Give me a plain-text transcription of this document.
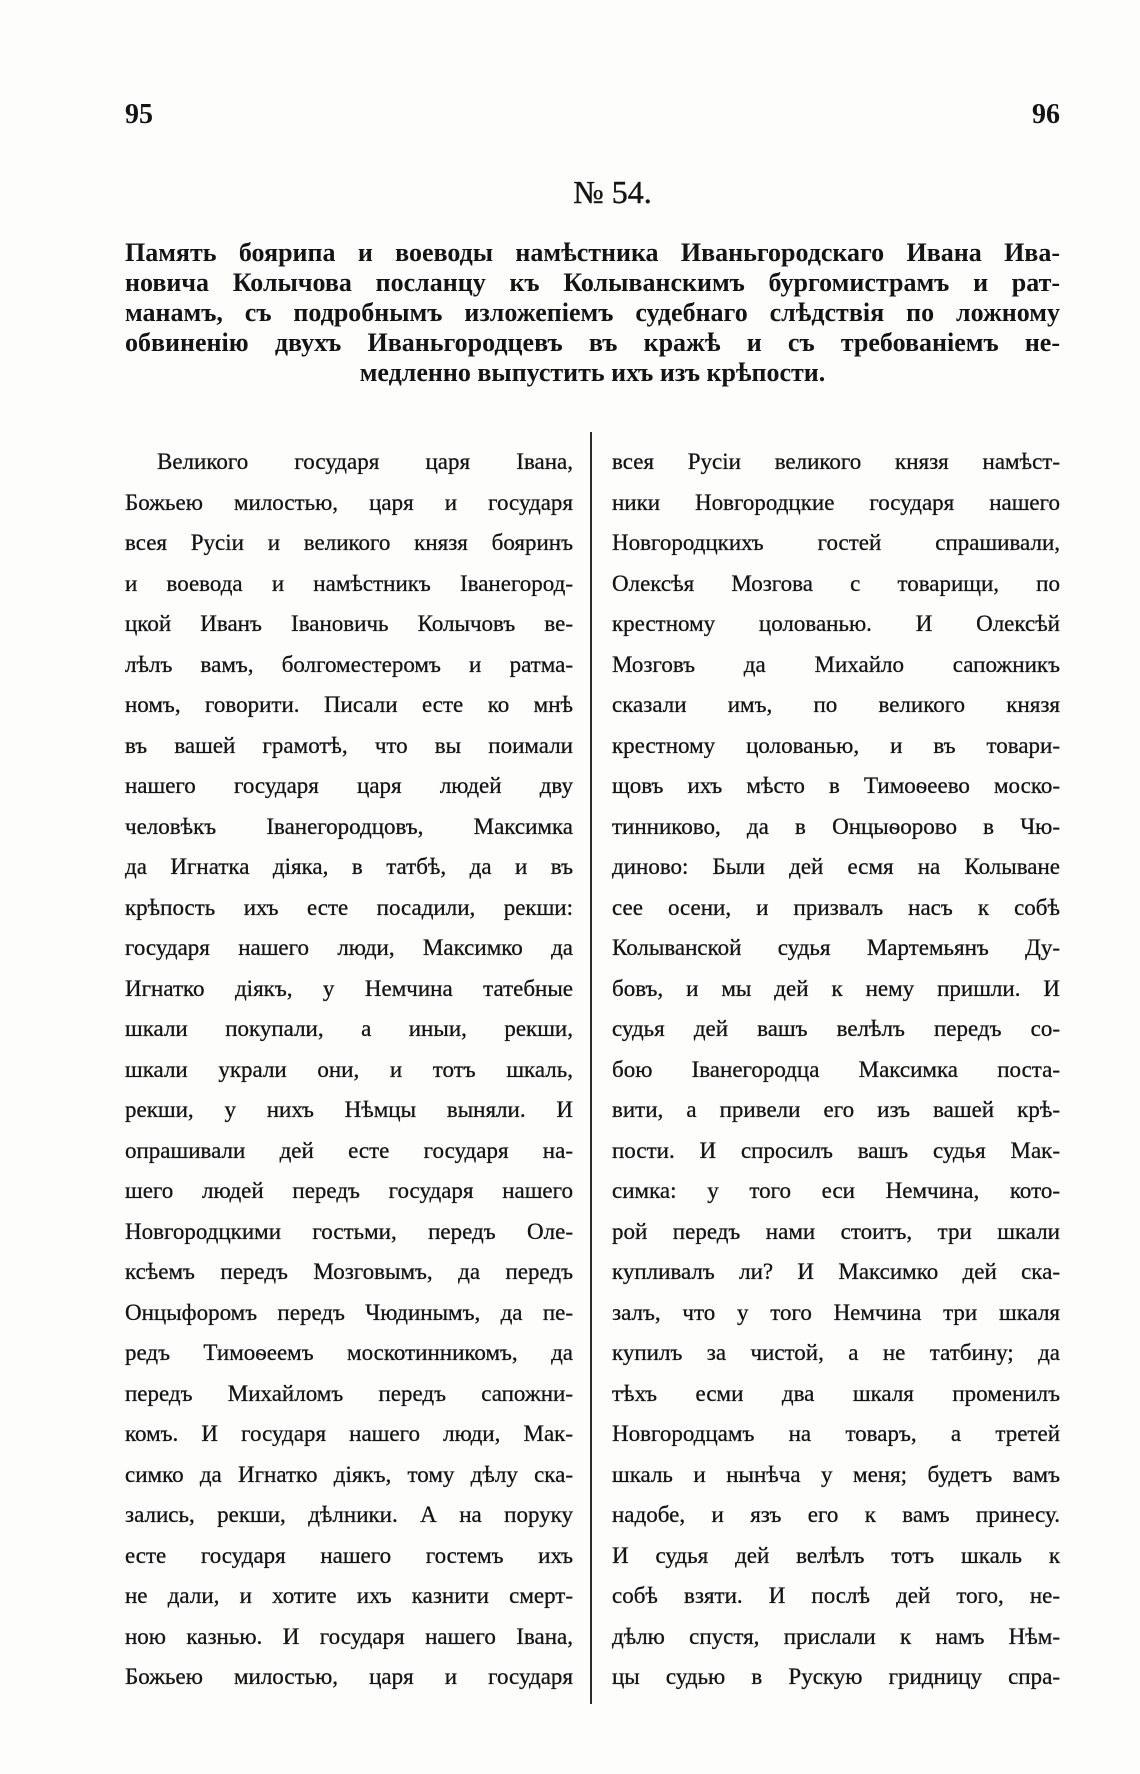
95	96
№ 54.
Память боярипа и воеводы намѣстника Иваньгородскаго Ивана Ива-
новича Колычова посланцу къ Колыванскимъ бургомистрамъ и рат-
манамъ, съ подробнымъ изложепіемъ судебнаго слѣдствія по ложному
обвиненію двухъ Иваньгородцевъ въ кражѣ и съ требованіемъ не-
медленно выпустить ихъ изъ крѣпости.
Великого государя царя Івана,
Божьею милостью, царя и государя
всея Русіи и великого князя бояринъ
и воевода и намѣстникъ Іванегород-
цкой Иванъ Івановичь Колычовъ ве-
лѣлъ вамъ, болгоместеромъ и ратма-
номъ, говорити. Писали есте ко мнѣ
въ вашей грамотѣ, что вы поимали
нашего государя царя людей дву
человѣкъ Іванегородцовъ, Максимка
да Игнатка діяка, в татбѣ, да и въ
крѣпость ихъ есте посадили, рекши:
государя нашего люди, Максимко да
Игнатко діякъ, у Немчина татебные
шкали покупали, а иныи, рекши,
шкали украли они, и тотъ шкаль,
рекши, у нихъ Нѣмцы выняли. И
опрашивали дей есте государя на-
шего людей передъ государя нашего
Новгородцкими гостьми, передъ Оле-
ксѣемъ передъ Мозговымъ, да передъ
Онцыфоромъ передъ Чюдинымъ, да пе-
редъ Тимоѳеемъ москотинникомъ, да
передъ Михайломъ передъ сапожни-
комъ. И государя нашего люди, Мак-
симко да Игнатко діякъ, тому дѣлу ска-
зались, рекши, дѣлники. А на поруку
есте государя нашего гостемъ ихъ
не дали, и хотите ихъ казнити смерт-
ною казнью. И государя нашего Івана,
Божьею милостью, царя и государя
всея Русіи великого князя намѣст-
ники Новгородцкие государя нашего
Новгородцкихъ гостей спрашивали,
Олексѣя Мозгова с товарищи, по
крестному цолованью. И Олексѣй
Мозговъ да Михайло сапожникъ
сказали имъ, по великого князя
крестному цолованью, и въ товари-
щовъ ихъ мѣсто в Тимоѳеево моско-
тинниково, да в Онцыѳорово в Чю-
диново: Были дей есмя на Колыване
сее осени, и призвалъ насъ к собѣ
Колыванской судья Мартемьянъ Ду-
бовъ, и мы дей к нему пришли. И
судья дей вашъ велѣлъ передъ со-
бою Іванегородца Максимка поста-
вити, а привели его изъ вашей крѣ-
пости. И спросилъ вашъ судья Мак-
симка: у того еси Немчина, кото-
рой передъ нами стоитъ, три шкали
купливалъ ли? И Максимко дей ска-
залъ, что у того Немчина три шкаля
купилъ за чистой, а не татбину; да
тѣхъ есми два шкаля променилъ
Новгородцамъ на товаръ, а третей
шкаль и нынѣча у меня; будетъ вамъ
надобе, и язъ его к вамъ принесу.
И судья дей велѣлъ тотъ шкаль к
собѣ взяти. И послѣ дей того, не-
дѣлю спустя, прислали к намъ Нѣм-
цы судью в Рускую гридницу спра-
